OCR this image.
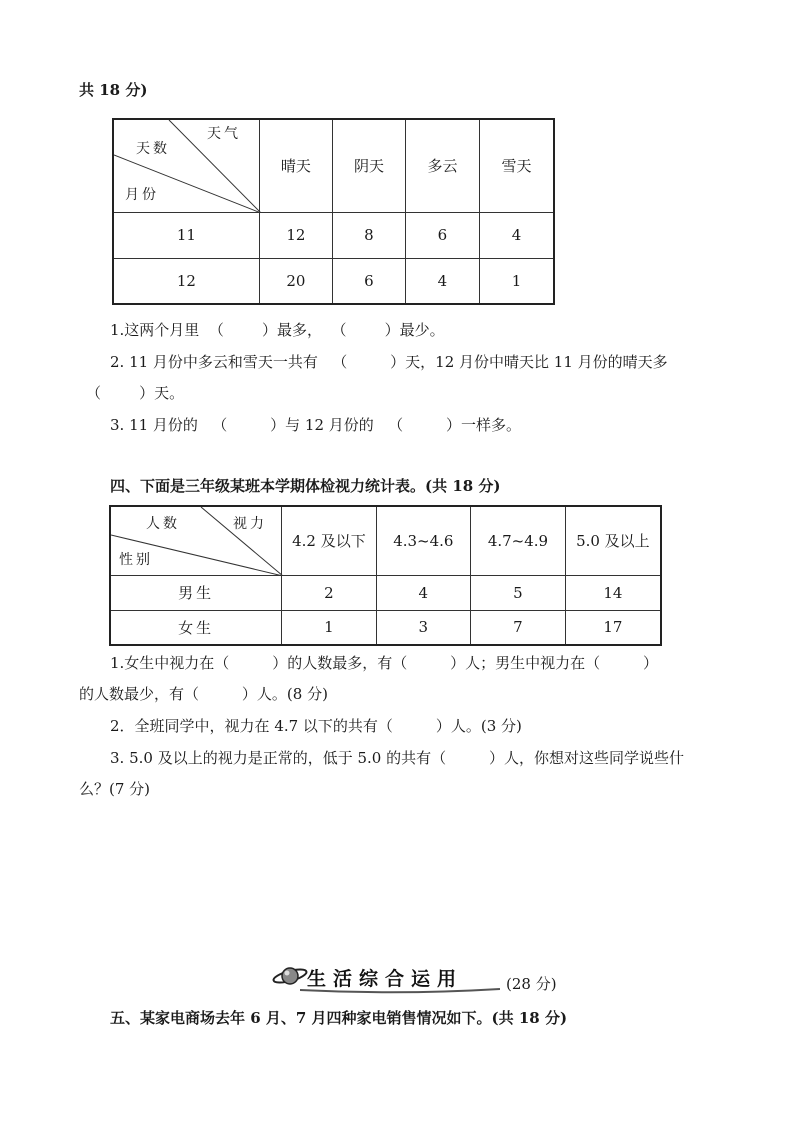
共 18 分)
天气
天数
月份	晴天	阴天	多云	雪天
11	12	8	6	4
12	20	6	4	1
1.这两个月里  （        ）最多，  （        ）最少。
2. 11 月份中多云和雪天一共有   （         ）天，12 月份中晴天比 11 月份的晴天多
（        ）天。
3. 11 月份的   （         ）与 12 月份的   （         ）一样多。
四、下面是三年级某班本学期体检视力统计表。(共 18 分)
人数 视力
性别	4.2 及以下	4.3~4.6	4.7~4.9	5.0 及以上
男生	2	4	5	14
女生	1	3	7	17
1.女生中视力在（         ）的人数最多，有（         ）人；男生中视力在（         ）
的人数最少，有（         ）人。(8 分)
2．全班同学中，视力在 4.7 以下的共有（         ）人。(3 分)
3. 5.0 及以上的视力是正常的，低于 5.0 的共有（         ）人，你想对这些同学说些什
么？(7 分)
生活综合运用	(28 分)
五、某家电商场去年 6 月、7 月四种家电销售情况如下。(共 18 分)
